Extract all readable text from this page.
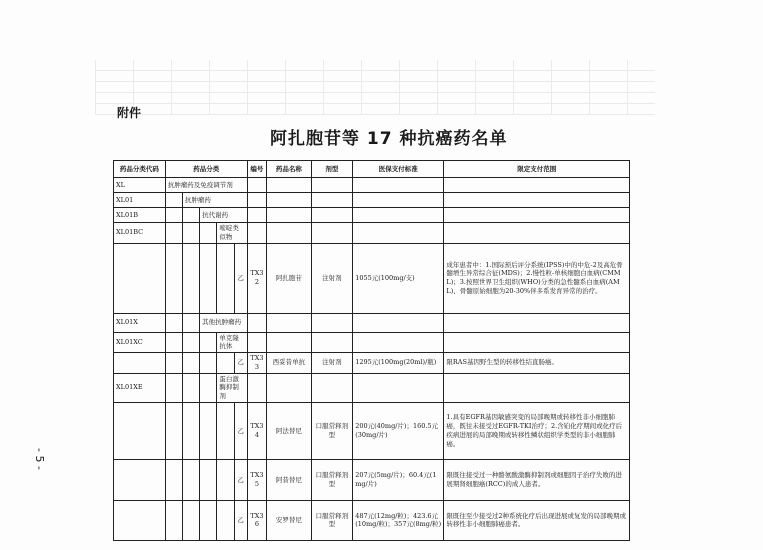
附件
阿扎胞苷等 17 种抗癌药名单
药品分类代码	药品分类					编号	药品名称	剂型	医保支付标准	限定支付范围
XL	抗肿瘤药及免疫调节剂									
XL01		抗肿瘤药								
XL01B			抗代谢药							
XL01BC				嘧啶类似物						
					乙	TX32	阿扎胞苷	注射剂	1055元(100mg/支)	成年患者中：1.国际预后评分系统(IPSS)中的中危-2及高危骨髓增生异常综合征(MDS)；2.慢性粒-单核细胞白血病(CMML)；3.按照世界卫生组织(WHO)分类的急性髓系白血病(AML)、骨髓原始细胞为20-30%伴多系发育异常的治疗。
XL01X			其他抗肿瘤药							
XL01XC				单克隆抗体						
					乙	TX33	西妥昔单抗	注射剂	1295元(100mg(20ml)/瓶)	限RAS基因野生型的转移性结直肠癌。
XL01XE				蛋白激酶抑制剂						
					乙	TX34	阿法替尼	口服常释剂型	200元(40mg/片)；160.5元(30mg/片)	1.具有EGFR基因敏感突变的局部晚期或转移性非小细胞肺癌，既往未接受过EGFR-TKI治疗；2.含铂化疗期间或化疗后疾病进展的局部晚期或转移性鳞状组织学类型的非小细胞肺癌。
					乙	TX35	阿昔替尼	口服常释剂型	207元(5mg/片)；60.4元(1mg/片)	限既往接受过一种酪氨酸激酶抑制剂或细胞因子治疗失败的进展期肾细胞癌(RCC)的成人患者。
					乙	TX36	安罗替尼	口服常释剂型	487元(12mg/粒)；423.6元(10mg/粒)；357元(8mg/粒)	限既往至少接受过2种系统化疗后出现进展或复发的局部晚期或转移性非小细胞肺癌患者。
- 5 -
